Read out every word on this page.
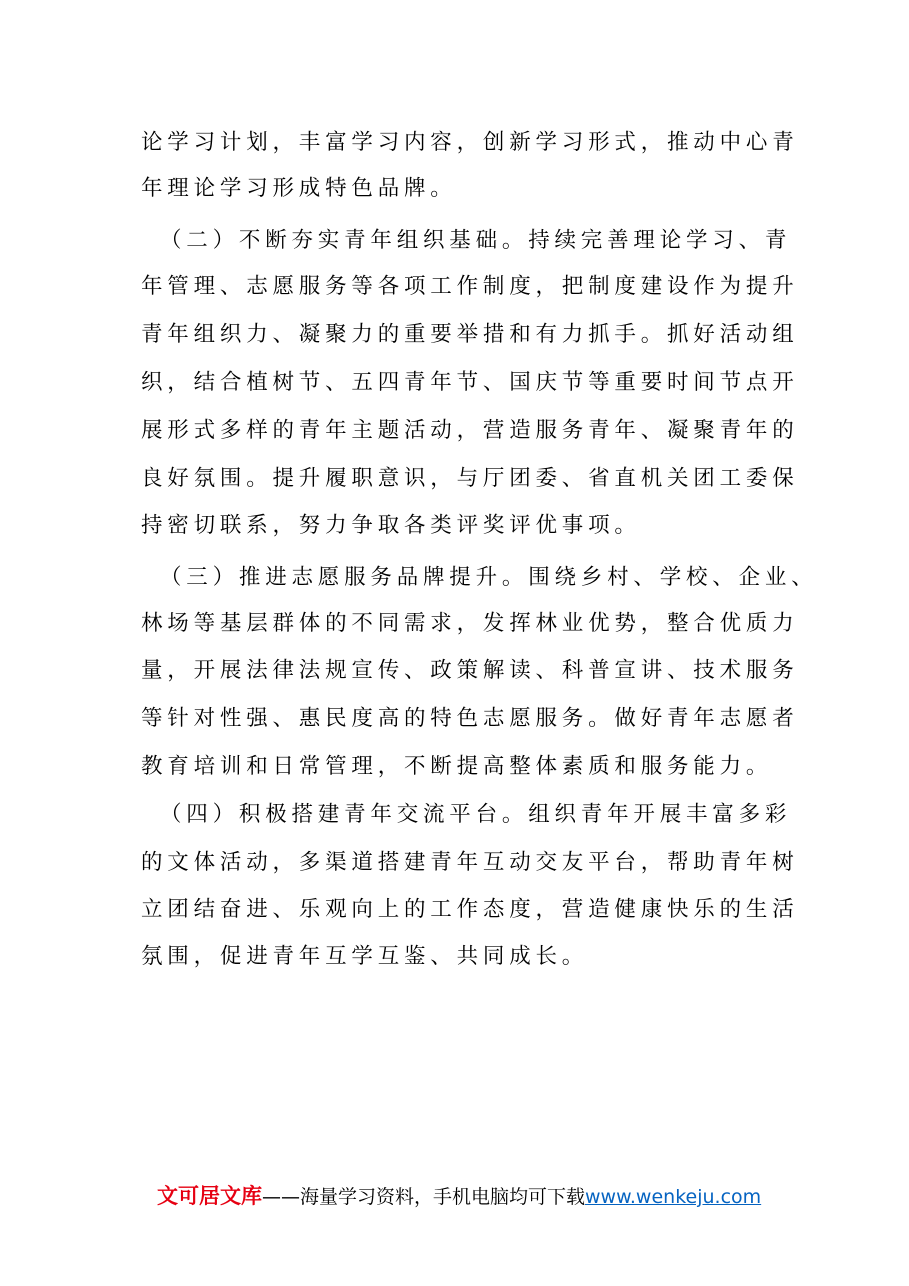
论学习计划，丰富学习内容，创新学习形式，推动中心青
年理论学习形成特色品牌。
（二）不断夯实青年组织基础。持续完善理论学习、青
年管理、志愿服务等各项工作制度，把制度建设作为提升
青年组织力、凝聚力的重要举措和有力抓手。抓好活动组
织，结合植树节、五四青年节、国庆节等重要时间节点开
展形式多样的青年主题活动，营造服务青年、凝聚青年的
良好氛围。提升履职意识，与厅团委、省直机关团工委保
持密切联系，努力争取各类评奖评优事项。
（三）推进志愿服务品牌提升。围绕乡村、学校、企业、
林场等基层群体的不同需求，发挥林业优势，整合优质力
量，开展法律法规宣传、政策解读、科普宣讲、技术服务
等针对性强、惠民度高的特色志愿服务。做好青年志愿者
教育培训和日常管理，不断提高整体素质和服务能力。
（四）积极搭建青年交流平台。组织青年开展丰富多彩
的文体活动，多渠道搭建青年互动交友平台，帮助青年树
立团结奋进、乐观向上的工作态度，营造健康快乐的生活
氛围，促进青年互学互鉴、共同成长。
文可居文库——海量学习资料，手机电脑均可下载www.wenkeju.com
